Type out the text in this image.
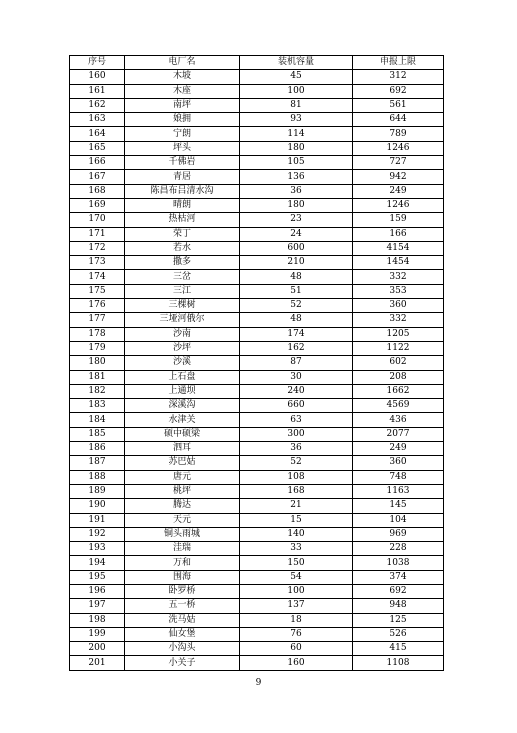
序号	电厂名	装机容量	申报上限
160	木坡	45	312
161	木座	100	692
162	南坪	81	561
163	娘拥	93	644
164	宁朗	114	789
165	坪头	180	1246
166	千佛岩	105	727
167	青居	136	942
168	陈昌布吕清水沟	36	249
169	晴朗	180	1246
170	热枯河	23	159
171	荣丁	24	166
172	若水	600	4154
173	撒多	210	1454
174	三岔	48	332
175	三江	51	353
176	三棵树	52	360
177	三垭河俄尔	48	332
178	沙南	174	1205
179	沙坪	162	1122
180	沙溪	87	602
181	上石盘	30	208
182	上通坝	240	1662
183	深溪沟	660	4569
184	水津关	63	436
185	硕中硕梁	300	2077
186	泗耳	36	249
187	苏巴姑	52	360
188	唐元	108	748
189	桃坪	168	1163
190	腾达	21	145
191	天元	15	104
192	铜头雨城	140	969
193	洼瑞	33	228
194	万和	150	1038
195	围海	54	374
196	卧罗桥	100	692
197	五一桥	137	948
198	洗马姑	18	125
199	仙女堡	76	526
200	小沟头	60	415
201	小关子	160	1108
9
